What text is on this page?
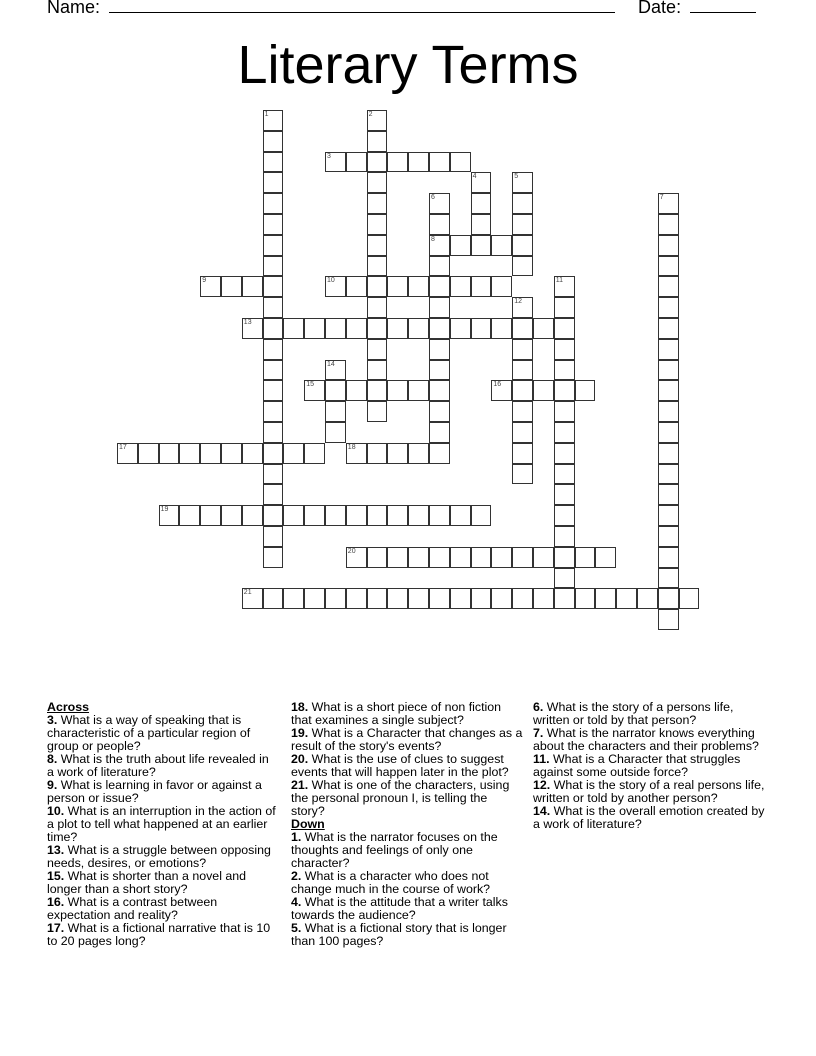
Name:	Date:
Literary Terms
1	2
3
4	5
6
8
7
9	10	11
12
13
14
15	16
17	18
19
20
21

Across

3. What is a way of speaking that is characteristic of a particular region of group or people?

8. What is the truth about life revealed in a work of literature?

9. What is learning in favor or against a person or issue?

10. What is an interruption in the action of a plot to tell what happened at an earlier time?

13. What is a struggle between opposing needs, desires, or emotions?

15. What is shorter than a novel and longer than a short story?

16. What is a contrast between expectation and reality?

17. What is a fictional narrative that is 10 to 20 pages long?

18. What is a short piece of non fiction that examines a single subject?

19. What is a Character that changes as a result of the story's events?

20. What is the use of clues to suggest events that will happen later in the plot?

21. What is one of the characters, using the personal pronoun I, is telling the story?

Down

1. What is the narrator focuses on the thoughts and feelings of only one character?

2. What is a character who does not change much in the course of work?

4. What is the attitude that a writer talks towards the audience?

5. What is a fictional story that is longer than 100 pages?

6. What is the story of a persons life, written or told by that person?

7. What is the narrator knows everything about the characters and their problems?

11. What is a Character that struggles against some outside force?

12. What is the story of a real persons life, written or told by another person?

14. What is the overall emotion created by a work of literature?
